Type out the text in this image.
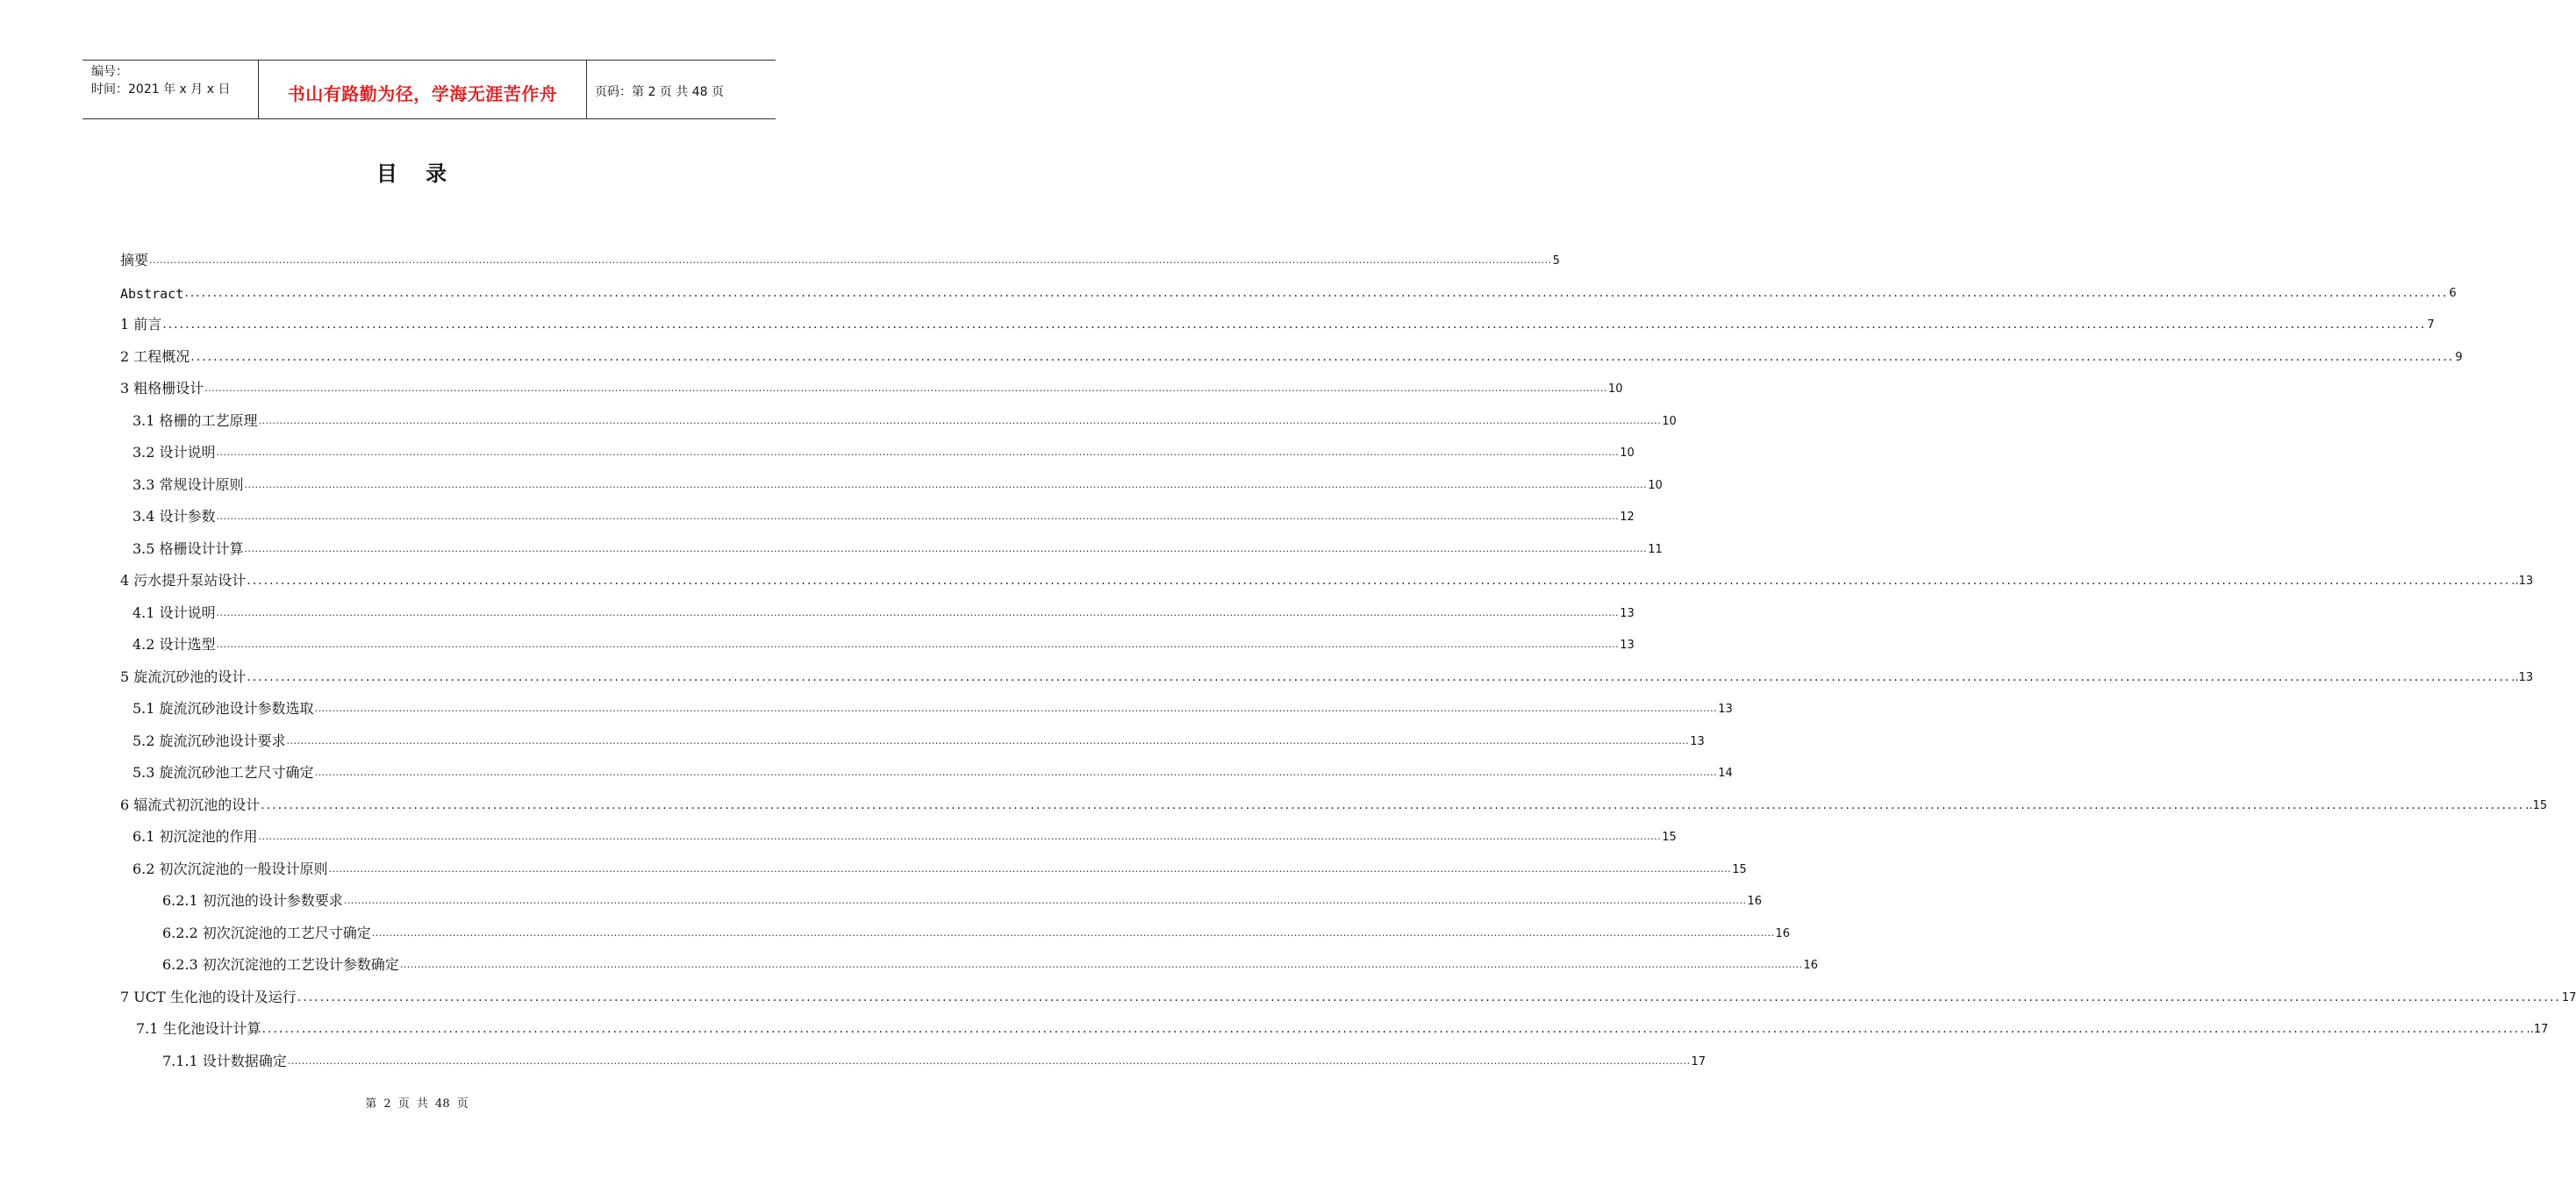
编号：
时间：2021 年 x 月 x 日	书山有路勤为径，学海无涯苦作舟	页码：第 2 页 共 48 页
目 录
摘要 ................................................................................................................................................................................................................................................................................................................................................................................................................ 5
Abstract ................................................................................................................................................................................................................................................................................................................................................................................................................ 6
1 前言 ................................................................................................................................................................................................................................................................................................................................................................................................................ 7
2 工程概况 ................................................................................................................................................................................................................................................................................................................................................................................................................ 9
3 粗格栅设计 ................................................................................................................................................................................................................................................................................................................................................................................................................ 10
3.1 格栅的工艺原理 ................................................................................................................................................................................................................................................................................................................................................................................................................ 10
3.2 设计说明 ................................................................................................................................................................................................................................................................................................................................................................................................................ 10
3.3 常规设计原则 ................................................................................................................................................................................................................................................................................................................................................................................................................ 10
3.4 设计参数 ................................................................................................................................................................................................................................................................................................................................................................................................................ 12
3.5 格栅设计计算 ................................................................................................................................................................................................................................................................................................................................................................................................................ 11
4 污水提升泵站设计 ................................................................................................................................................................................................................................................................................................................................................................................................................ ..13
4.1 设计说明 ................................................................................................................................................................................................................................................................................................................................................................................................................ 13
4.2 设计选型 ................................................................................................................................................................................................................................................................................................................................................................................................................ 13
5 旋流沉砂池的设计 ................................................................................................................................................................................................................................................................................................................................................................................................................ ..13
5.1 旋流沉砂池设计参数选取 ................................................................................................................................................................................................................................................................................................................................................................................................................ 13
5.2 旋流沉砂池设计要求 ................................................................................................................................................................................................................................................................................................................................................................................................................ 13
5.3 旋流沉砂池工艺尺寸确定 ................................................................................................................................................................................................................................................................................................................................................................................................................ 14
6 辐流式初沉池的设计 ................................................................................................................................................................................................................................................................................................................................................................................................................ ..15
6.1 初沉淀池的作用 ................................................................................................................................................................................................................................................................................................................................................................................................................ 15
6.2 初次沉淀池的一般设计原则 ................................................................................................................................................................................................................................................................................................................................................................................................................ 15
6.2.1 初沉池的设计参数要求 ................................................................................................................................................................................................................................................................................................................................................................................................................ 16
6.2.2 初次沉淀池的工艺尺寸确定 ................................................................................................................................................................................................................................................................................................................................................................................................................ 16
6.2.3 初次沉淀池的工艺设计参数确定 ................................................................................................................................................................................................................................................................................................................................................................................................................ 16
7 UCT 生化池的设计及运行 ................................................................................................................................................................................................................................................................................................................................................................................................................ 17
7.1 生化池设计计算 ................................................................................................................................................................................................................................................................................................................................................................................................................ ..17
7.1.1 设计数据确定 ................................................................................................................................................................................................................................................................................................................................................................................................................ 17
第 2 页 共 48 页
